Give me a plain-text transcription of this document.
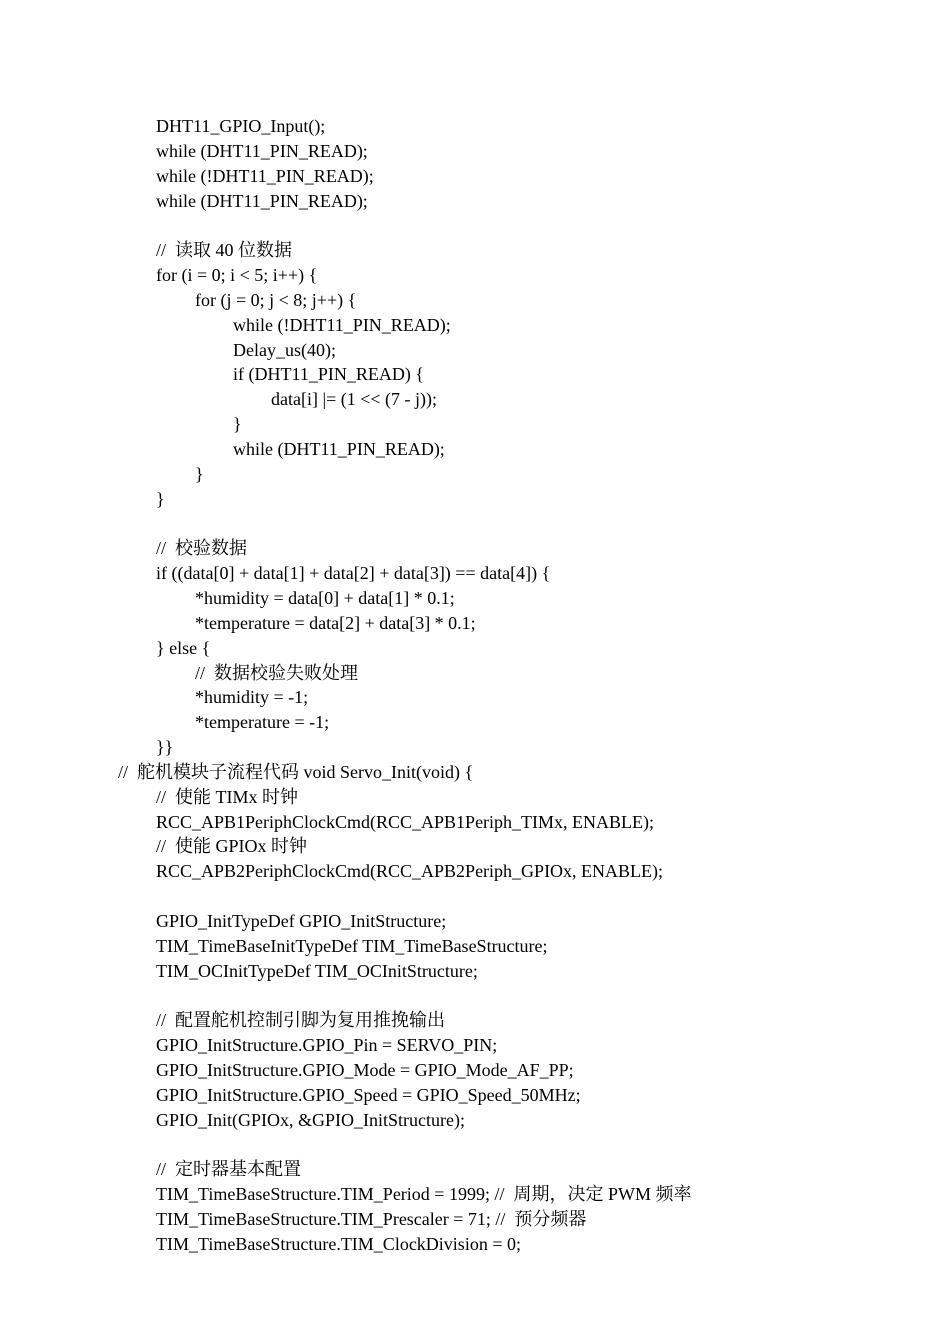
DHT11_GPIO_Input();
while (DHT11_PIN_READ);
while (!DHT11_PIN_READ);
while (DHT11_PIN_READ);
//  读取 40 位数据
for (i = 0; i < 5; i++) {
for (j = 0; j < 8; j++) {
while (!DHT11_PIN_READ);
Delay_us(40);
if (DHT11_PIN_READ) {
data[i] |= (1 << (7 - j));
}
while (DHT11_PIN_READ);
}
}
//  校验数据
if ((data[0] + data[1] + data[2] + data[3]) == data[4]) {
*humidity = data[0] + data[1] * 0.1;
*temperature = data[2] + data[3] * 0.1;
} else {
//  数据校验失败处理
*humidity = -1;
*temperature = -1;
}}
//  舵机模块子流程代码 void Servo_Init(void) {
//  使能 TIMx 时钟
RCC_APB1PeriphClockCmd(RCC_APB1Periph_TIMx, ENABLE);
//  使能 GPIOx 时钟
RCC_APB2PeriphClockCmd(RCC_APB2Periph_GPIOx, ENABLE);
GPIO_InitTypeDef GPIO_InitStructure;
TIM_TimeBaseInitTypeDef TIM_TimeBaseStructure;
TIM_OCInitTypeDef TIM_OCInitStructure;
//  配置舵机控制引脚为复用推挽输出
GPIO_InitStructure.GPIO_Pin = SERVO_PIN;
GPIO_InitStructure.GPIO_Mode = GPIO_Mode_AF_PP;
GPIO_InitStructure.GPIO_Speed = GPIO_Speed_50MHz;
GPIO_Init(GPIOx, &GPIO_InitStructure);
//  定时器基本配置
TIM_TimeBaseStructure.TIM_Period = 1999; //  周期，决定 PWM 频率
TIM_TimeBaseStructure.TIM_Prescaler = 71; //  预分频器
TIM_TimeBaseStructure.TIM_ClockDivision = 0;
